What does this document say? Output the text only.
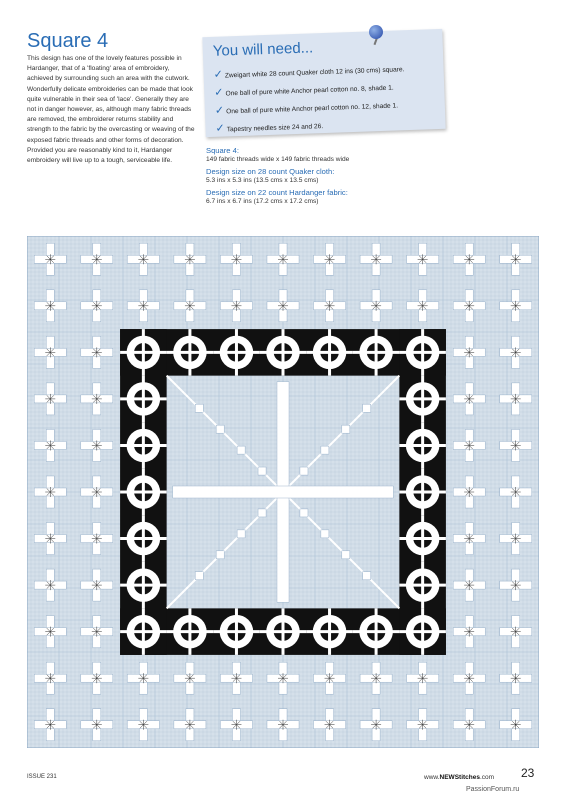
Square 4

This design has one of the lovely features possible in Hardanger, that of a 'floating' area of embroidery, achieved by surrounding such an area with the cutwork. Wonderfully delicate embroideries can be made that look quite vulnerable in their sea of 'lace'. Generally they are not in danger however, as, although many fabric threads are removed, the embroiderer returns stability and strength to the fabric by the overcasting or weaving of the exposed fabric threads and other forms of decoration. Provided you are reasonably kind to it, Hardanger embroidery will live up to a tough, serviceable life.

You will need...
✓ Zweigart white 28 count Quaker cloth 12 ins (30 cms) square.
✓ One ball of pure white Anchor pearl cotton no. 8, shade 1.
✓ One ball of pure white Anchor pearl cotton no. 12, shade 1.
✓ Tapestry needles size 24 and 26.

Square 4:

149 fabric threads wide x 149 fabric threads wide

Design size on 28 count Quaker cloth:

5.3 ins x 5.3 ins (13.5 cms x 13.5 cms)

Design size on 22 count Hardanger fabric:

6.7 ins x 6.7 ins (17.2 cms x 17.2 cms)

ISSUE 231	www.NEWStitches.com 23
PassionForum.ru
